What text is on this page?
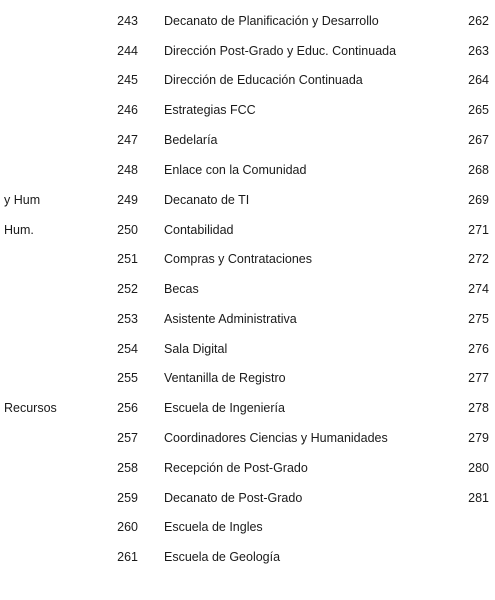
243 Decanato de Planificación y Desarrollo	262
244 Dirección Post-Grado y Educ. Continuada	263
245 Dirección de Educación Continuada	264
246 Estrategias FCC	265
247 Bedelaría	267
248 Enlace con la Comunidad	268
y Hum	249 Decanato de TI	269
Hum.	250 Contabilidad	271
251 Compras y Contrataciones	272
252 Becas	274
253 Asistente Administrativa	275
254 Sala Digital	276
255 Ventanilla de Registro	277
Recursos	256 Escuela de Ingeniería	278
257 Coordinadores Ciencias y Humanidades	279
258 Recepción de Post-Grado	280
259 Decanato de Post-Grado	281
260 Escuela de Ingles
261 Escuela de Geología
